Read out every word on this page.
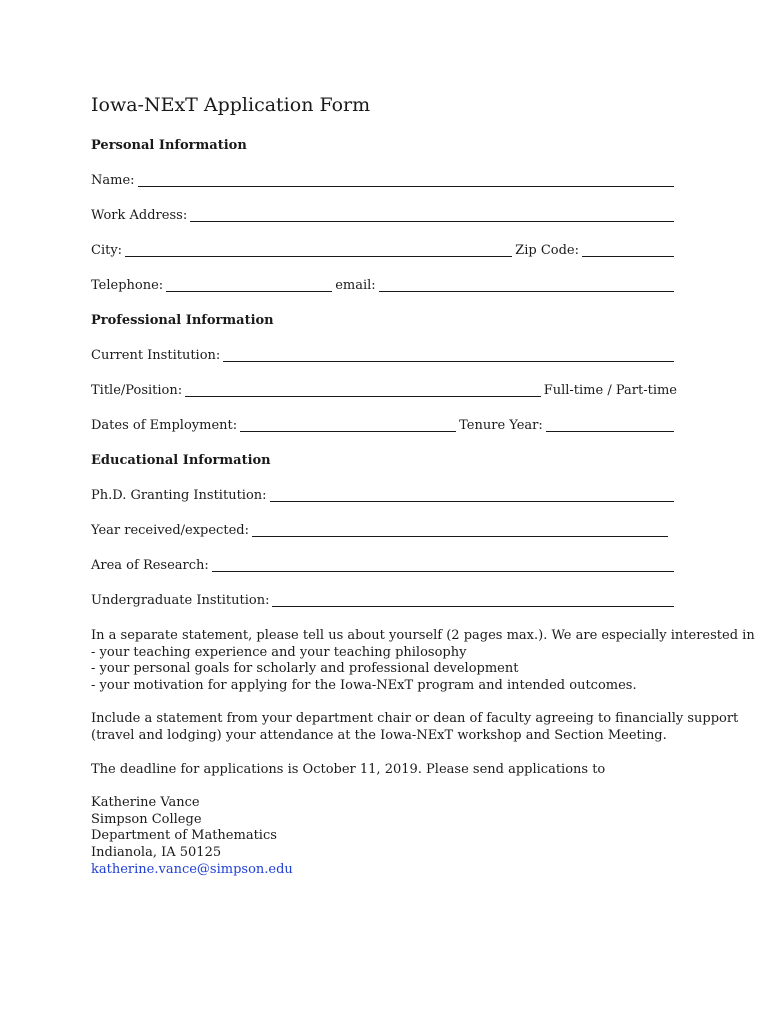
Iowa-NExT Application Form
Personal Information
Name:
Work Address:
City:	Zip Code:
Telephone:	email:
Professional Information
Current Institution:
Title/Position:	Full-time / Part-time
Dates of Employment:	Tenure Year:
Educational Information
Ph.D. Granting Institution:
Year received/expected:
Area of Research:
Undergraduate Institution:
In a separate statement, please tell us about yourself (2 pages max.). We are especially interested in
- your teaching experience and your teaching philosophy
- your personal goals for scholarly and professional development
- your motivation for applying for the Iowa-NExT program and intended outcomes.
Include a statement from your department chair or dean of faculty agreeing to financially support
(travel and lodging) your attendance at the Iowa-NExT workshop and Section Meeting.
The deadline for applications is October 11, 2019. Please send applications to
Katherine Vance
Simpson College
Department of Mathematics
Indianola, IA 50125
katherine.vance@simpson.edu
